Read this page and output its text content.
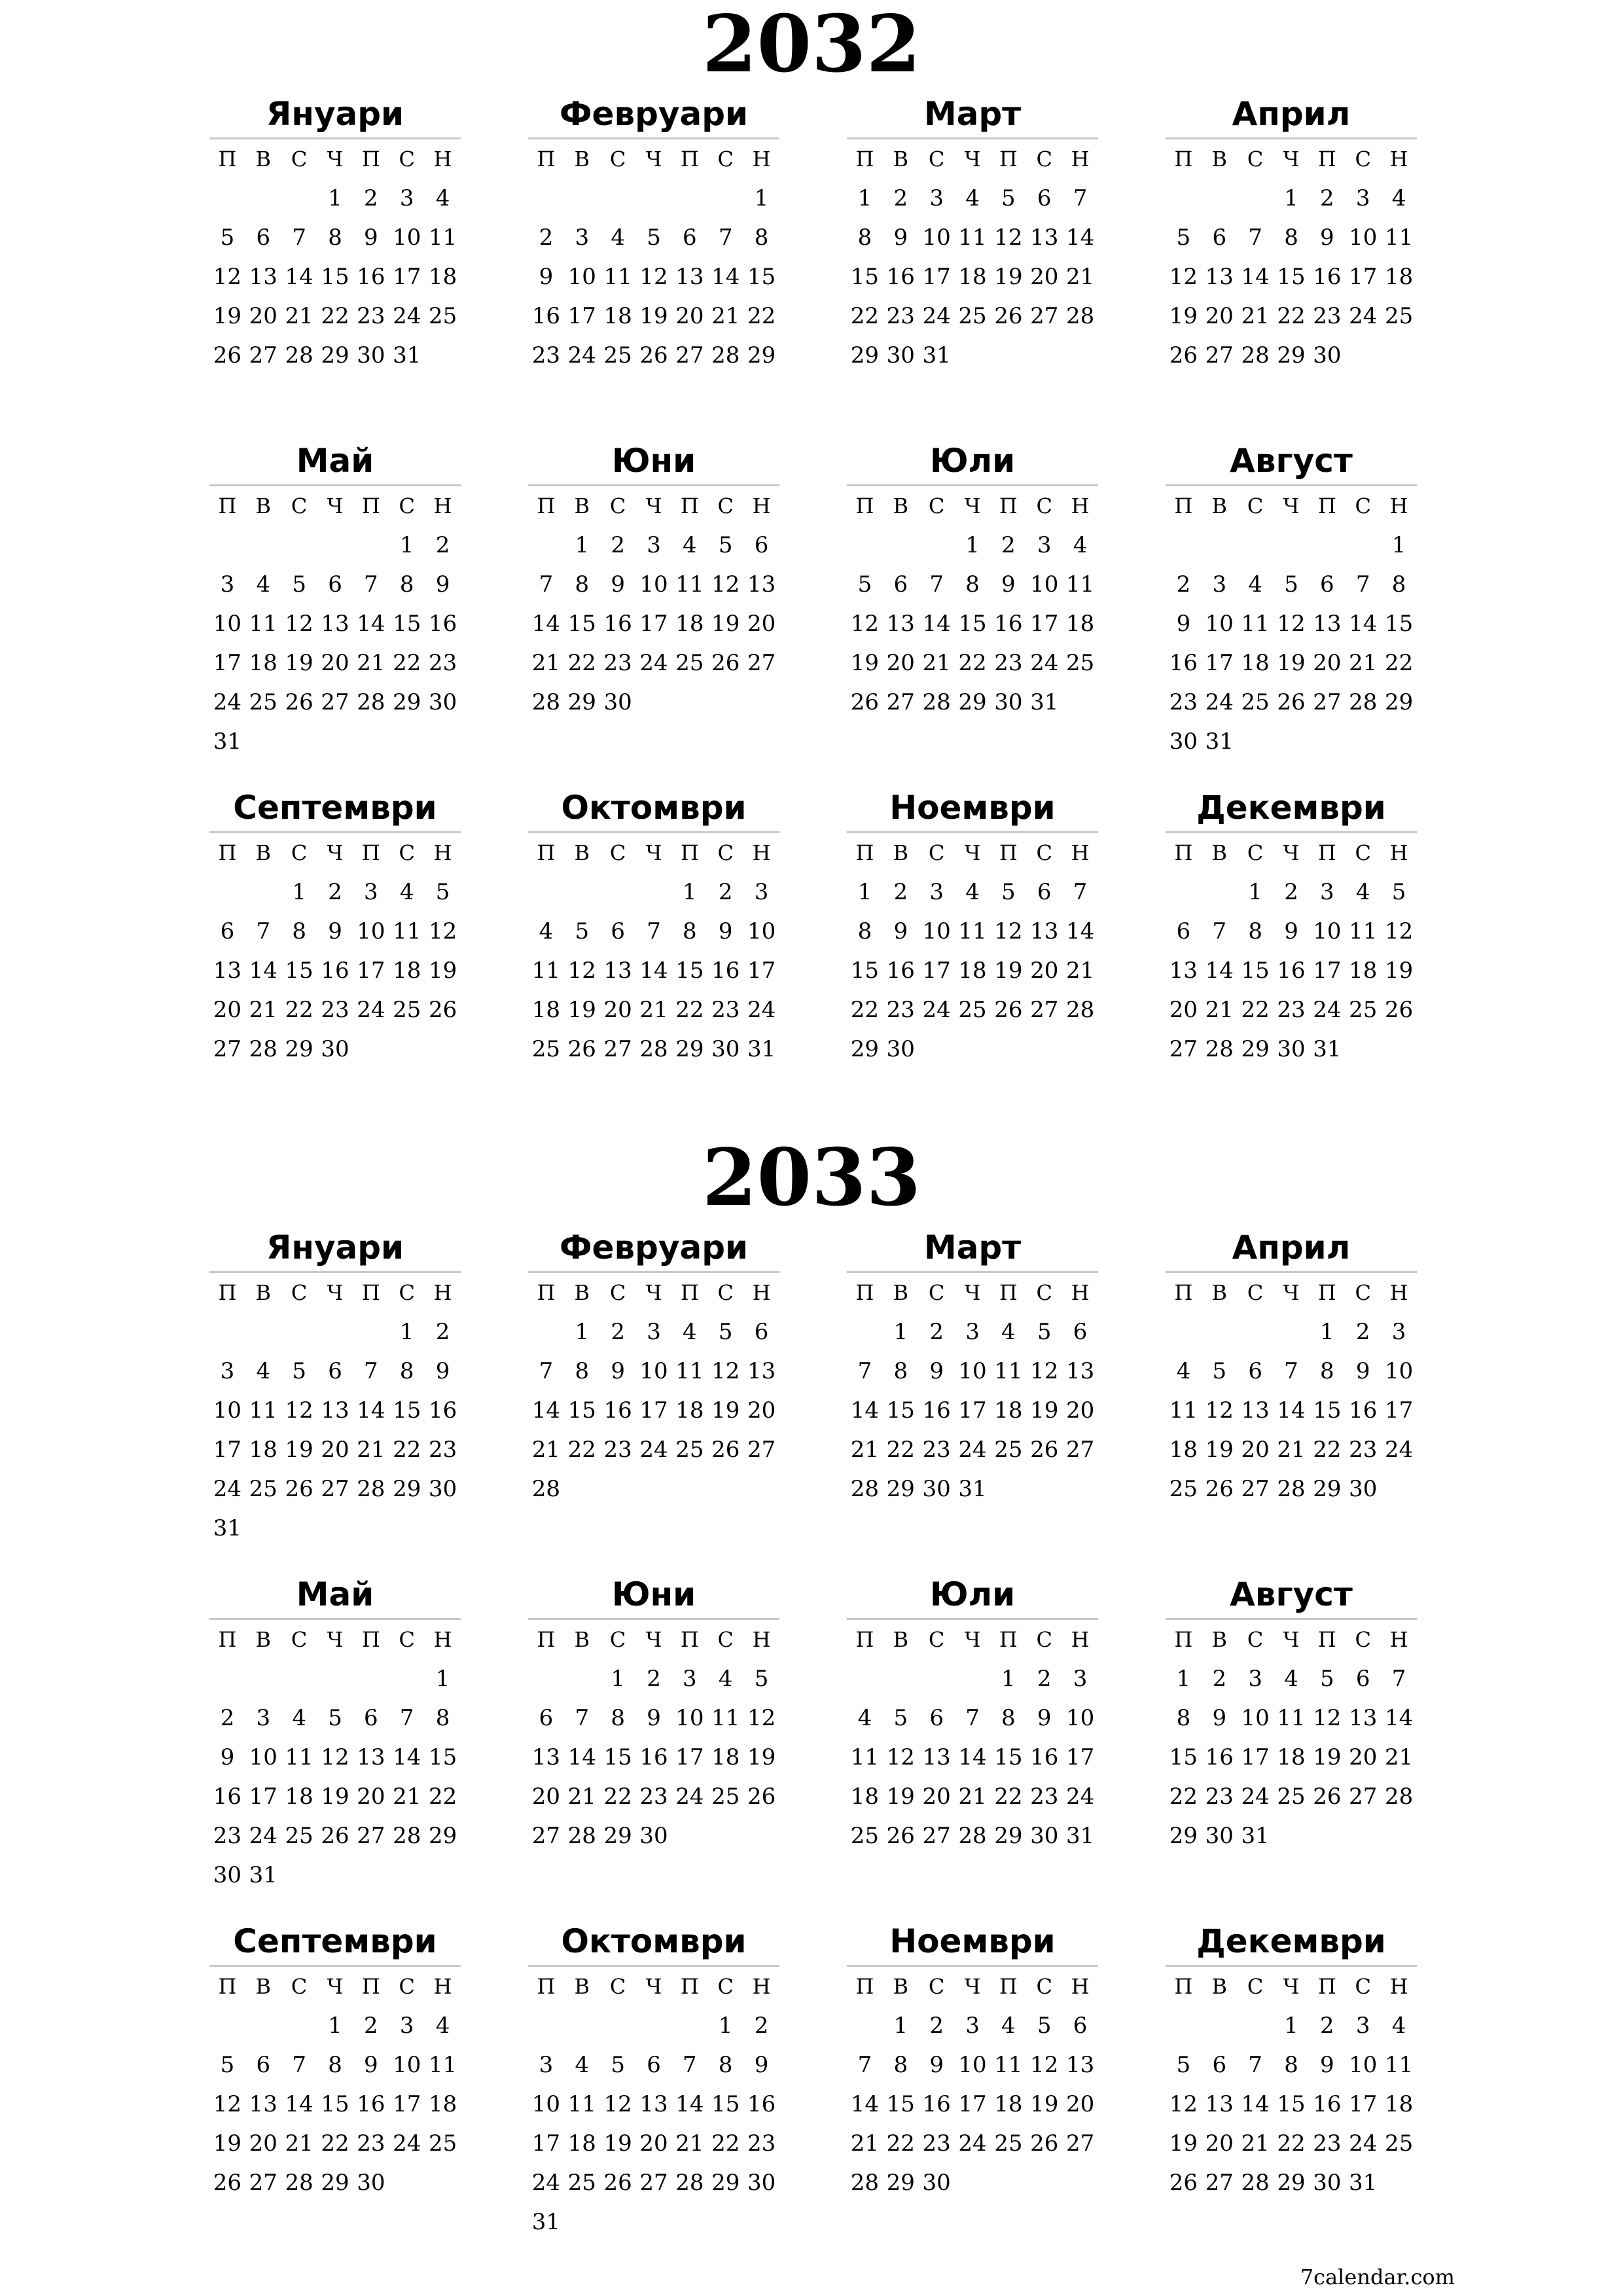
2032
2033
Януари
П В С Ч П С Н
1 2 3 4
5 6 7 8 9 10 11
12 13 14 15 16 17 18
19 20 21 22 23 24 25
26 27 28 29 30 31
Февруари
П В С Ч П С Н
1
2 3 4 5 6 7 8
9 10 11 12 13 14 15
16 17 18 19 20 21 22
23 24 25 26 27 28 29
Март
П В С Ч П С Н
1 2 3 4 5 6 7
8 9 10 11 12 13 14
15 16 17 18 19 20 21
22 23 24 25 26 27 28
29 30 31
Април
П В С Ч П С Н
1 2 3 4
5 6 7 8 9 10 11
12 13 14 15 16 17 18
19 20 21 22 23 24 25
26 27 28 29 30
Май
П В С Ч П С Н
1 2
3 4 5 6 7 8 9
10 11 12 13 14 15 16
17 18 19 20 21 22 23
24 25 26 27 28 29 30
31
Юни
П В С Ч П С Н
1 2 3 4 5 6
7 8 9 10 11 12 13
14 15 16 17 18 19 20
21 22 23 24 25 26 27
28 29 30
Юли
П В С Ч П С Н
1 2 3 4
5 6 7 8 9 10 11
12 13 14 15 16 17 18
19 20 21 22 23 24 25
26 27 28 29 30 31
Август
П В С Ч П С Н
1
2 3 4 5 6 7 8
9 10 11 12 13 14 15
16 17 18 19 20 21 22
23 24 25 26 27 28 29
30 31
Септември
П В С Ч П С Н
1 2 3 4 5
6 7 8 9 10 11 12
13 14 15 16 17 18 19
20 21 22 23 24 25 26
27 28 29 30
Октомври
П В С Ч П С Н
1 2 3
4 5 6 7 8 9 10
11 12 13 14 15 16 17
18 19 20 21 22 23 24
25 26 27 28 29 30 31
Ноември
П В С Ч П С Н
1 2 3 4 5 6 7
8 9 10 11 12 13 14
15 16 17 18 19 20 21
22 23 24 25 26 27 28
29 30
Декември
П В С Ч П С Н
1 2 3 4 5
6 7 8 9 10 11 12
13 14 15 16 17 18 19
20 21 22 23 24 25 26
27 28 29 30 31
Януари
П В С Ч П С Н
1 2
3 4 5 6 7 8 9
10 11 12 13 14 15 16
17 18 19 20 21 22 23
24 25 26 27 28 29 30
31
Февруари
П В С Ч П С Н
1 2 3 4 5 6
7 8 9 10 11 12 13
14 15 16 17 18 19 20
21 22 23 24 25 26 27
28
Март
П В С Ч П С Н
1 2 3 4 5 6
7 8 9 10 11 12 13
14 15 16 17 18 19 20
21 22 23 24 25 26 27
28 29 30 31
Април
П В С Ч П С Н
1 2 3
4 5 6 7 8 9 10
11 12 13 14 15 16 17
18 19 20 21 22 23 24
25 26 27 28 29 30
Май
П В С Ч П С Н
1
2 3 4 5 6 7 8
9 10 11 12 13 14 15
16 17 18 19 20 21 22
23 24 25 26 27 28 29
30 31
Юни
П В С Ч П С Н
1 2 3 4 5
6 7 8 9 10 11 12
13 14 15 16 17 18 19
20 21 22 23 24 25 26
27 28 29 30
Юли
П В С Ч П С Н
1 2 3
4 5 6 7 8 9 10
11 12 13 14 15 16 17
18 19 20 21 22 23 24
25 26 27 28 29 30 31
Август
П В С Ч П С Н
1 2 3 4 5 6 7
8 9 10 11 12 13 14
15 16 17 18 19 20 21
22 23 24 25 26 27 28
29 30 31
Септември
П В С Ч П С Н
1 2 3 4
5 6 7 8 9 10 11
12 13 14 15 16 17 18
19 20 21 22 23 24 25
26 27 28 29 30
Октомври
П В С Ч П С Н
1 2
3 4 5 6 7 8 9
10 11 12 13 14 15 16
17 18 19 20 21 22 23
24 25 26 27 28 29 30
31
Ноември
П В С Ч П С Н
1 2 3 4 5 6
7 8 9 10 11 12 13
14 15 16 17 18 19 20
21 22 23 24 25 26 27
28 29 30
Декември
П В С Ч П С Н
1 2 3 4
5 6 7 8 9 10 11
12 13 14 15 16 17 18
19 20 21 22 23 24 25
26 27 28 29 30 31
7calendar.com
